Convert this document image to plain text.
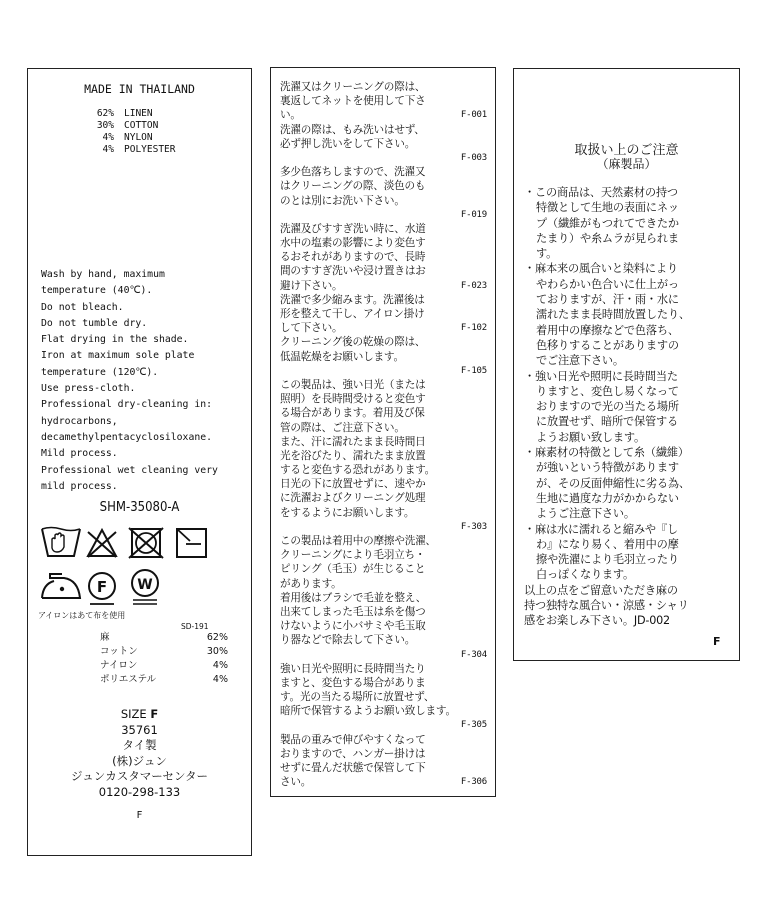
MADE IN THAILAND
62% LINEN
30% COTTON
4% NYLON
4% POLYESTER
Wash by hand, maximum
temperature (40℃).
Do not bleach.
Do not tumble dry.
Flat drying in the shade.
Iron at maximum sole plate
temperature (120℃).
Use press-cloth.
Professional dry-cleaning in:
hydrocarbons,
decamethylpentacyclosiloxane.
Mild process.
Professional wet cleaning very
mild process.
SHM-35080-A
F W
アイロンはあて布を使用
SD-191
麻	62%
コットン	30%
ナイロン	4%
ポリエステル	4%
SIZE F
35761
タイ製
(株)ジュン
ジュンカスタマーセンター
0120-298-133
F
洗濯又はクリーニングの際は、
裏返してネットを使用して下さ
い。	F-001
洗濯の際は、もみ洗いはせず、
必ず押し洗いをして下さい。
F-003
多少色落ちしますので、洗濯又
はクリーニングの際、淡色のも
のとは別にお洗い下さい。
F-019
洗濯及びすすぎ洗い時に、水道
水中の塩素の影響により変色す
るおそれがありますので、長時
間のすすぎ洗いや浸け置きはお
避け下さい。	F-023
洗濯で多少縮みます。洗濯後は
形を整えて干し、アイロン掛け
して下さい。	F-102
クリーニング後の乾燥の際は、
低温乾燥をお願いします。
F-105
この製品は、強い日光（または
照明）を長時間受けると変色す
る場合があります。着用及び保
管の際は、ご注意下さい。
また、汗に濡れたまま長時間日
光を浴びたり、濡れたまま放置
すると変色する恐れがあります。
日光の下に放置せずに、速やか
に洗濯およびクリーニング処理
をするようにお願いします。
F-303
この製品は着用中の摩擦や洗濯、
クリーニングにより毛羽立ち・
ピリング（毛玉）が生じること
があります。
着用後はブラシで毛並を整え、
出来てしまった毛玉は糸を傷つ
けないように小バサミや毛玉取
り器などで除去して下さい。
F-304
強い日光や照明に長時間当たり
ますと、変色する場合がありま
す。光の当たる場所に放置せず、
暗所で保管するようお願い致します。
F-305
製品の重みで伸びやすくなって
おりますので、ハンガー掛けは
せずに畳んだ状態で保管して下
さい。	F-306
取扱い上のご注意
（麻製品）
・この商品は、天然素材の持つ
特徴として生地の表面にネッ
プ（繊維がもつれてできたか
たまり）や糸ムラが見られま
す。
・麻本来の風合いと染料により
やわらかい色合いに仕上がっ
ておりますが、汗・雨・水に
濡れたまま長時間放置したり、
着用中の摩擦などで色落ち、
色移りすることがありますの
でご注意下さい。
・強い日光や照明に長時間当た
りますと、変色し易くなって
おりますので光の当たる場所
に放置せず、暗所で保管する
ようお願い致します。
・麻素材の特徴として糸（繊維）
が強いという特徴があります
が、その反面伸縮性に劣る為、
生地に過度な力がかからない
ようご注意下さい。
・麻は水に濡れると縮みや『し
わ』になり易く、着用中の摩
擦や洗濯により毛羽立ったり
白っぽくなります。
以上の点をご留意いただき麻の
持つ独特な風合い・涼感・シャリ
感をお楽しみ下さい。JD-002
F
